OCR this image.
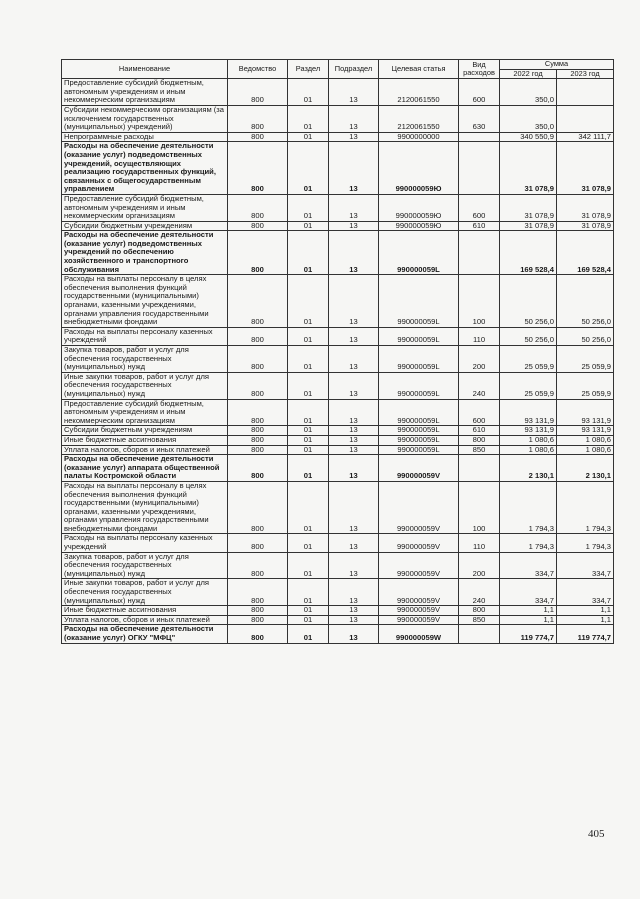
Наименование	Ведомство	Раздел	Подраздел	Целевая статья	Вид расходов	Сумма	
						2022 год	2023 год
Предоставление субсидий бюджетным, автономным учреждениям и иным некоммерческим организациям	800	01	13	2120061550	600	350,0	
Субсидии некоммерческим организациям (за исключением государственных (муниципальных) учреждений)	800	01	13	2120061550	630	350,0	
Непрограммные расходы	800	01	13	9900000000		340 550,9	342 111,7
Расходы на обеспечение деятельности (оказание услуг) подведомственных учреждений, осуществляющих реализацию государственных функций, связанных с общегосударственным управлением	800	01	13	990000059Ю		31 078,9	31 078,9
Предоставление субсидий бюджетным, автономным учреждениям и иным некоммерческим организациям	800	01	13	990000059Ю	600	31 078,9	31 078,9
Субсидии бюджетным учреждениям	800	01	13	990000059Ю	610	31 078,9	31 078,9
Расходы на обеспечение деятельности (оказание услуг) подведомственных учреждений по обеспечению хозяйственного и транспортного обслуживания	800	01	13	990000059L		169 528,4	169 528,4
Расходы на выплаты персоналу в целях обеспечения выполнения функций государственными (муниципальными) органами, казенными учреждениями, органами управления государственными внебюджетными фондами	800	01	13	990000059L	100	50 256,0	50 256,0
Расходы на выплаты персоналу казенных учреждений	800	01	13	990000059L	110	50 256,0	50 256,0
Закупка товаров, работ и услуг для обеспечения государственных (муниципальных) нужд	800	01	13	990000059L	200	25 059,9	25 059,9
Иные закупки товаров, работ и услуг для обеспечения государственных (муниципальных) нужд	800	01	13	990000059L	240	25 059,9	25 059,9
Предоставление субсидий бюджетным, автономным учреждениям и иным некоммерческим организациям	800	01	13	990000059L	600	93 131,9	93 131,9
Субсидии бюджетным учреждениям	800	01	13	990000059L	610	93 131,9	93 131,9
Иные бюджетные ассигнования	800	01	13	990000059L	800	1 080,6	1 080,6
Уплата налогов, сборов и иных платежей	800	01	13	990000059L	850	1 080,6	1 080,6
Расходы на обеспечение деятельности (оказание услуг) аппарата общественной палаты Костромской области	800	01	13	990000059V		2 130,1	2 130,1
Расходы на выплаты персоналу в целях обеспечения выполнения функций государственными (муниципальными) органами, казенными учреждениями, органами управления государственными внебюджетными фондами	800	01	13	990000059V	100	1 794,3	1 794,3
Расходы на выплаты персоналу казенных учреждений	800	01	13	990000059V	110	1 794,3	1 794,3
Закупка товаров, работ и услуг для обеспечения государственных (муниципальных) нужд	800	01	13	990000059V	200	334,7	334,7
Иные закупки товаров, работ и услуг для обеспечения государственных (муниципальных) нужд	800	01	13	990000059V	240	334,7	334,7
Иные бюджетные ассигнования	800	01	13	990000059V	800	1,1	1,1
Уплата налогов, сборов и иных платежей	800	01	13	990000059V	850	1,1	1,1
Расходы на обеспечение деятельности (оказание услуг) ОГКУ "МФЦ"	800	01	13	990000059W		119 774,7	119 774,7
405
